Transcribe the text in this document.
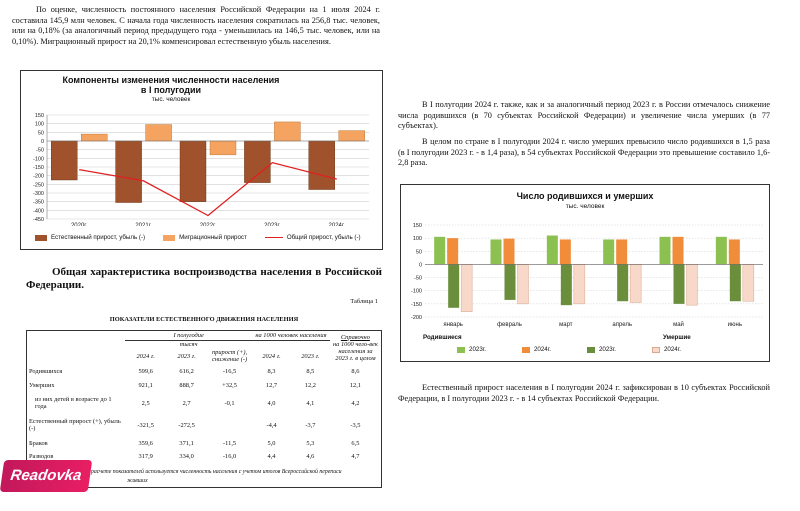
По оценке, численность постоянного населения Российской Федерации на 1 июля 2024 г. составила 145,9 млн человек. С начала года численность населения сократилась на 256,8 тыс. человек, или на 0,18% (за аналогичный период предыдущего года - уменьшилась на 146,5 тыс. человек, или на 0,10%). Миграционный прирост на 20,1% компенсировал естественную убыль населения.
Компоненты изменения численности населения
в I полугодии
тыс. человек
150
100
50
0
-50
-100
-150
-200
-250
-300
-350
-400
-450
2020г.	2021г.	2022г.	2023г.	2024г.
Естественный прирост, убыль (-)	Миграционный прирост	Общий прирост, убыль (-)
Общая характеристика воспроизводства населения в Российской Федерации.
Таблица 1
ПОКАЗАТЕЛИ ЕСТЕСТВЕННОГО ДВИЖЕНИЯ НАСЕЛЕНИЯ
	I полугодие			на 1000 человек населения		Справочно
на 1000 чело-век населения за 2023 г. в целом

	тысяч					
	2024 г.	2023 г.	прирост (+), снижение (-)	2024 г.	2023 г.	
Родившихся	599,6	616,2	-16,5	8,3	8,5	8,6
Умерших	921,1	888,7	+32,5	12,7	12,2	12,1
из них детей в возрасте до 1 года	2,5	2,7	-0,1	4,0	4,1	4,2
Естественный прирост (+), убыль (-)	-321,5	-272,5		-4,4	-3,7	-3,5
Браков	359,6	371,1	-11,5	5,0	5,3	6,5
Разводов	317,9	334,0	-16,0	4,4	4,6	4,7
расчете показателей используется численность населения с учетом итогов Всероссийской переписи
живших
Readovka
В I полугодии 2024 г. также, как и за аналогичный период 2023 г. в России отмечалось снижение числа родившихся (в 70 субъектах Российской Федерации) и увеличение числа умерших (в 77 субъектах).
В целом по стране в I полугодии 2024 г. число умерших превысило число родившихся в 1,5 раза (в I полугодии 2023 г. - в 1,4 раза), в 54 субъектах Российской Федерации это превышение составило 1,6-2,8 раза.
Число родившихся и умерших
тыс. человек
150
100
50
0
-50
-100
-150
-200
январь	февраль	март	апрель	май	июнь
Родившиеся	Умершие
2023г.	2024г.	2023г.	2024г.
Естественный прирост населения в I полугодии 2024 г. зафиксирован в 10 субъектах Российской Федерации, в I полугодии 2023 г. - в 14 субъектах Российской Федерации.
